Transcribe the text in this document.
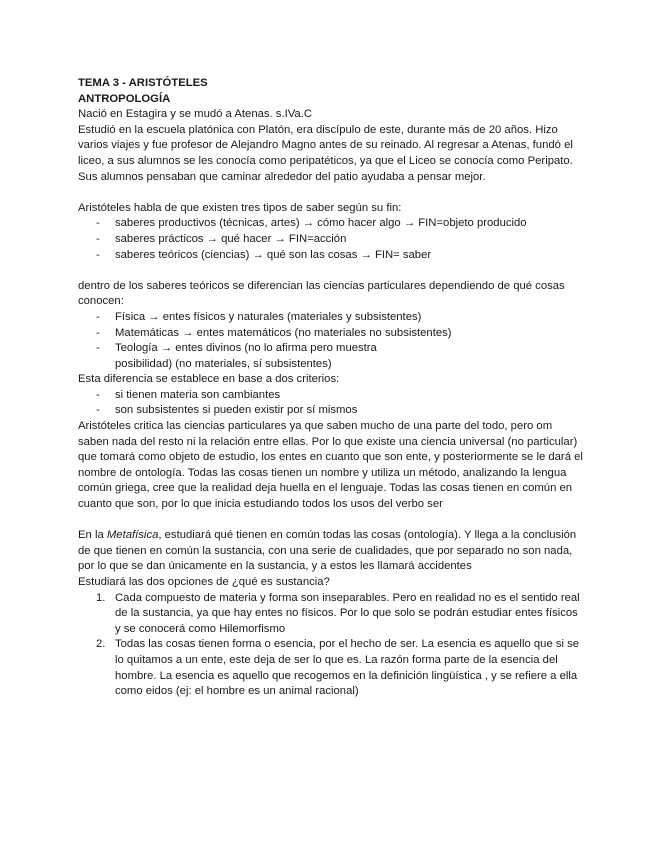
TEMA 3 - ARISTÓTELES

ANTROPOLOGÍA

Nació en Estagira y se mudó a Atenas. s.IVa.C

Estudió en la escuela platónica con Platón, era discípulo de este, durante más de 20 años. Hizo varios viajes y fue profesor de Alejandro Magno antes de su reinado. Al regresar a Atenas, fundó el liceo, a sus alumnos se les conocía como peripatéticos, ya que el Liceo se conocía como Peripato. Sus alumnos pensaban que caminar alrededor del patio ayudaba a pensar mejor.

Aristóteles habla de que existen tres tipos de saber según su fin:

- saberes productivos (técnicas, artes) → cómo hacer algo → FIN=objeto producido
- saberes prácticos → qué hacer → FIN=acción
- saberes teóricos (ciencias) → qué son las cosas → FIN= saber

dentro de los saberes teóricos se diferencian las ciencias particulares dependiendo de qué cosas conocen:

- Física → entes físicos y naturales (materiales y subsistentes)
- Matemáticas → entes matemáticos (no materiales no subsistentes)
- Teología → entes divinos (no lo afirma pero muestra posibilidad) (no materiales, sí subsistentes)

Esta diferencia se establece en base a dos criterios:

- si tienen materia son cambiantes
- son subsistentes si pueden existir por sí mismos

Aristóteles critica las ciencias particulares ya que saben mucho de una parte del todo, pero om saben nada del resto ni la relación entre ellas. Por lo que existe una ciencia universal (no particular) que tomará como objeto de estudio, los entes en cuanto que son ente, y posteriormente se le dará el nombre de ontología. Todas las cosas tienen un nombre y utiliza un método, analizando la lengua común griega, cree que la realidad deja huella en el lenguaje. Todas las cosas tienen en común en cuanto que son, por lo que inicia estudiando todos los usos del verbo ser

En la Metafísica, estudiará qué tienen en común todas las cosas (ontología). Y llega a la conclusión de que tienen en común la sustancia, con una serie de cualidades, que por separado no son nada, por lo que se dan únicamente en la sustancia, y a estos les llamará accidentes

Estudiará las dos opciones de ¿qué es sustancia?

Cada compuesto de materia y forma son inseparables. Pero en realidad no es el sentido real de la sustancia, ya que hay entes no físicos. Por lo que solo se podrán estudiar entes físicos y se conocerá como Hilemorfismo
Todas las cosas tienen forma o esencia, por el hecho de ser. La esencia es aquello que si se lo quitamos a un ente, este deja de ser lo que es. La razón forma parte de la esencia del hombre. La esencia es aquello que recogemos en la definición lingüística , y se refiere a ella como eidos (ej: el hombre es un animal racional)
